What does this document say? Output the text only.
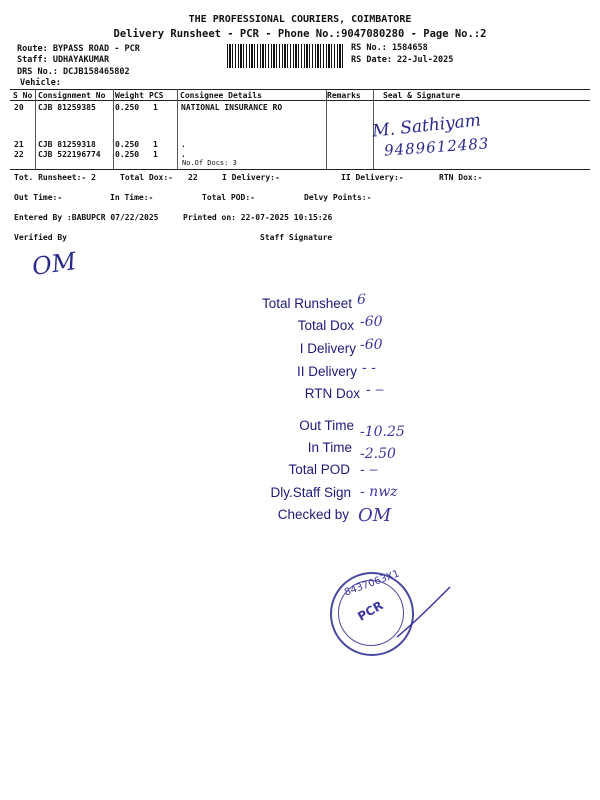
THE PROFESSIONAL COURIERS, COIMBATORE
Delivery Runsheet - PCR - Phone No.:9047080280 - Page No.:2
Route: BYPASS ROAD - PCR
Staff: UDHAYAKUMAR
DRS No.: DCJB158465802
Vehicle:
RS No.: 1584658
RS Date: 22-Jul-2025
S No Consignment No Weight PCS Consignee Details	Remarks	Seal & Signature
20 CJB 81259385 0.250 1	NATIONAL INSURANCE RO
21 CJB 81259318 0.250 1	.
22 CJB 522196774 0.250 1	.
No.Of Docs: 3
M. Sathiyam
9489612483
Tot. Runsheet:- 2	Total Dox:- 22	I Delivery:-	II Delivery:-	RTN Dox:-
Out Time:-	In Time:-	Total POD:-	Delvy Points:-
Entered By :BABUPCR 07/22/2025	Printed on: 22-07-2025 10:15:26
Verified By	Staff Signature
OM
Total Runsheet 6
Total Dox -60
I Delivery -60
II Delivery - -
RTN Dox - ‒
Out Time -10.25
In Time -2.50
Total POD - ‒
Dly.Staff Sign - nwz
Checked by OM
8437063X1
PCR
